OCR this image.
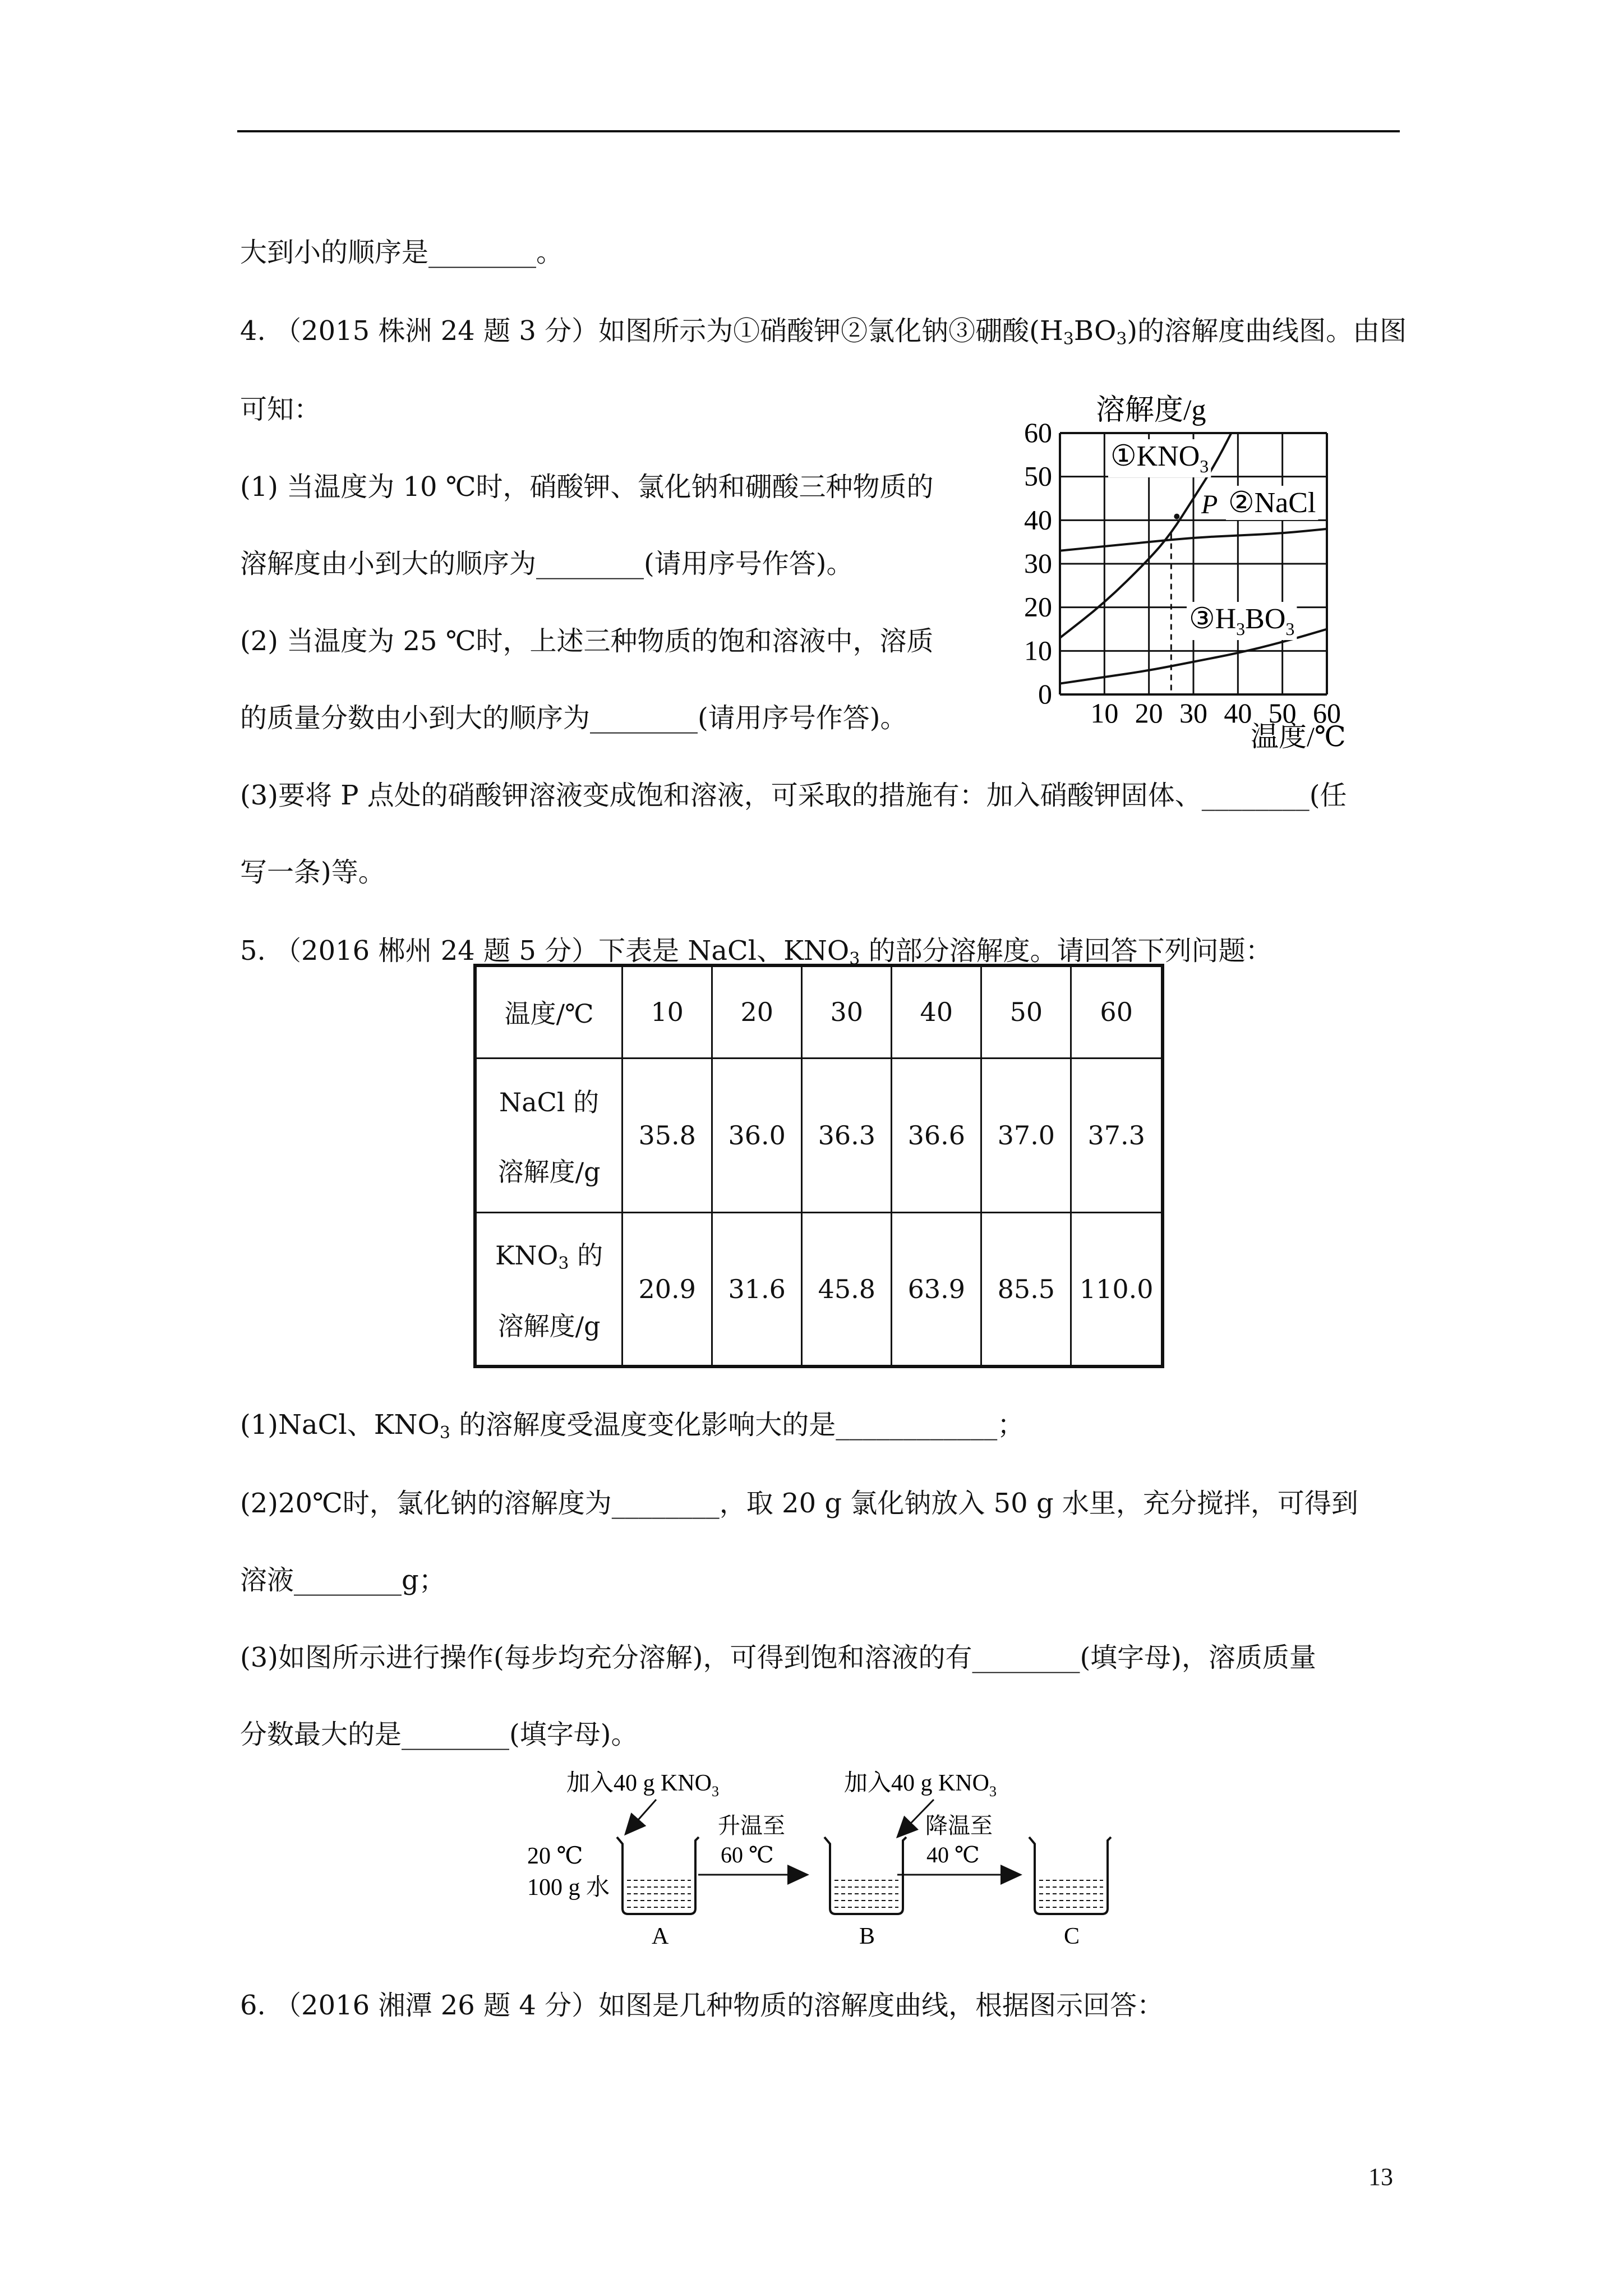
大到小的顺序是________。
4. （2015 株洲 24 题 3 分）如图所示为①硝酸钾②氯化钠③硼酸$(H_3BO_3)$的溶解度曲线图。由图
可知：
(1) 当温度为 10 ℃时，硝酸钾、氯化钠和硼酸三种物质的
溶解度由小到大的顺序为________(请用序号作答)。
(2) 当温度为 25 ℃时，上述三种物质的饱和溶液中，溶质
的质量分数由小到大的顺序为________(请用序号作答)。
(3)要将 P 点处的硝酸钾溶液变成饱和溶液，可采取的措施有：加入硝酸钾固体、________(任
写一条)等。
5. （2016 郴州 24 题 5 分）下表是 NaCl、$KNO_3$ 的部分溶解度。请回答下列问题：
溶解度/g
0
10
20
30
40
50
60
10 20 30 40 50 60
温度/℃
$①KNO_3$
②NaCl
$③H_3BO_3$
P
温度/℃	10	20	30	40	50	60

NaCl 的
溶解度/g	35.8	36.0	36.3	36.6	37.0	37.3

$KNO_3$ 的
溶解度/g	20.9	31.6	45.8	63.9	85.5	110.0
(1)NaCl、$KNO_3$ 的溶解度受温度变化影响大的是____________；
(2)20℃时，氯化钠的溶解度为________，取 20 g 氯化钠放入 50 g 水里，充分搅拌，可得到
溶液________g；
(3)如图所示进行操作(每步均充分溶解)，可得到饱和溶液的有________(填字母)，溶质质量
分数最大的是________(填字母)。
加入40 g $KNO_3$	加入40 g $KNO_3$
20 ℃
100 g 水
升温至
60 ℃
降温至
40 ℃
A	B	C
6. （2016 湘潭 26 题 4 分）如图是几种物质的溶解度曲线，根据图示回答：
13
